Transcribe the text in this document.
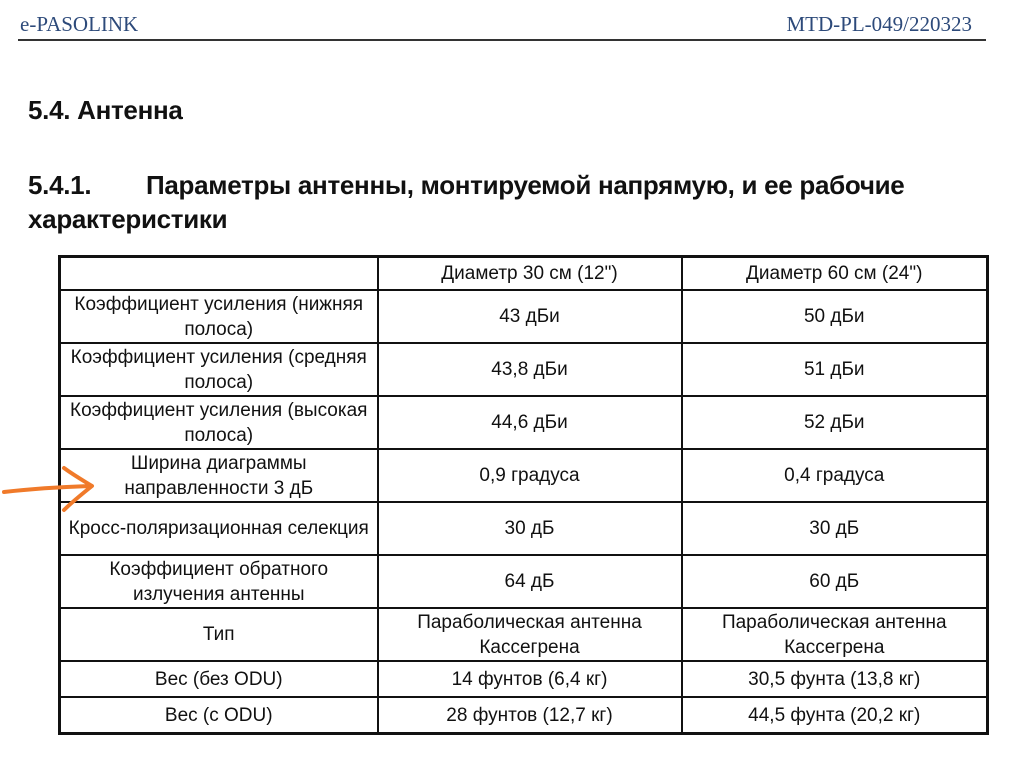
e-PASOLINK	MTD-PL-049/220323
5.4. Антенна
5.4.1. Параметры антенны, монтируемой напрямую, и ее рабочие характеристики
	Диаметр 30 см (12")	Диаметр 60 см (24")
Коэффициент усиления (нижняя полоса)	43 дБи	50 дБи
Коэффициент усиления (средняя полоса)	43,8 дБи	51 дБи
Коэффициент усиления (высокая полоса)	44,6 дБи	52 дБи
Ширина диаграммы направленности 3 дБ	0,9 градуса	0,4 градуса
Кросс-поляризационная селекция	30 дБ	30 дБ
Коэффициент обратного излучения антенны	64 дБ	60 дБ
Тип	Параболическая антенна Кассегрена	Параболическая антенна Кассегрена
Вес (без ODU)	14 фунтов (6,4 кг)	30,5 фунта (13,8 кг)
Вес (с ODU)	28 фунтов (12,7 кг)	44,5 фунта (20,2 кг)
